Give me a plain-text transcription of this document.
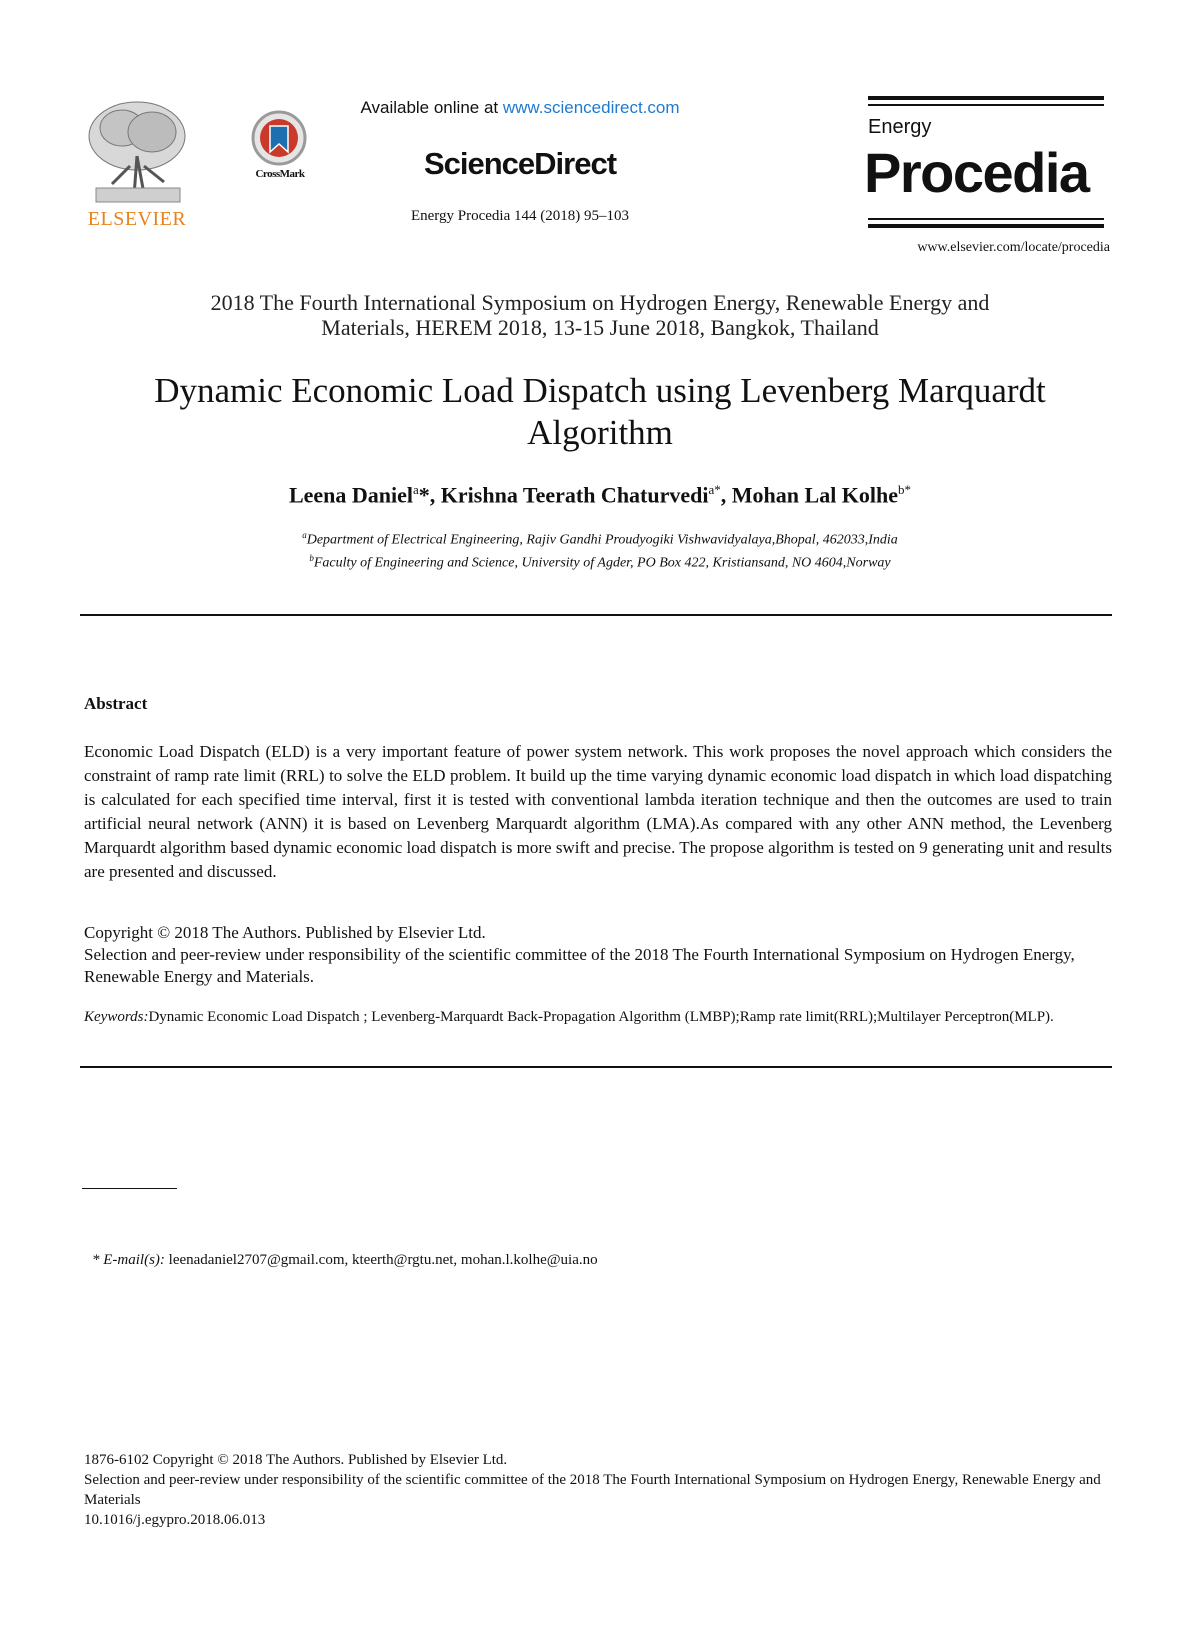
ELSEVIER
CrossMark
Available online at www.sciencedirect.com
ScienceDirect
Energy Procedia 144 (2018) 95–103
Energy
Procedia
www.elsevier.com/locate/procedia
2018 The Fourth International Symposium on Hydrogen Energy, Renewable Energy and
Materials, HEREM 2018, 13-15 June 2018, Bangkok, Thailand
Dynamic Economic Load Dispatch using Levenberg Marquardt
Algorithm
Leena Daniel$^a$*, Krishna Teerath Chaturvedi$^{a*}$, Mohan Lal Kolhe$^{b*}$
$^a$Department of Electrical Engineering, Rajiv Gandhi Proudyogiki Vishwavidyalaya,Bhopal, 462033,India
$^b$Faculty of Engineering and Science, University of Agder, PO Box 422, Kristiansand, NO 4604,Norway
Abstract
Economic Load Dispatch (ELD) is a very important feature of power system network. This work proposes the novel approach which considers the constraint of ramp rate limit (RRL) to solve the ELD problem. It build up the time varying dynamic economic load dispatch in which load dispatching is calculated for each specified time interval, first it is tested with conventional lambda iteration technique and then the outcomes are used to train artificial neural network (ANN) it is based on Levenberg Marquardt algorithm (LMA).As compared with any other ANN method, the Levenberg Marquardt algorithm based dynamic economic load dispatch is more swift and precise. The propose algorithm is tested on 9 generating unit and results are presented and discussed.

Copyright © 2018 The Authors. Published by Elsevier Ltd.

Selection and peer-review under responsibility of the scientific committee of the 2018 The Fourth International Symposium on Hydrogen Energy, Renewable Energy and Materials.

Keywords:Dynamic Economic Load Dispatch ; Levenberg-Marquardt Back-Propagation Algorithm (LMBP);Ramp rate limit(RRL);Multilayer Perceptron(MLP).
* E-mail(s): leenadaniel2707@gmail.com, kteerth@rgtu.net, mohan.l.kolhe@uia.no

1876-6102 Copyright © 2018 The Authors. Published by Elsevier Ltd.

Selection and peer-review under responsibility of the scientific committee of the 2018 The Fourth International Symposium on Hydrogen Energy, Renewable Energy and Materials

10.1016/j.egypro.2018.06.013
